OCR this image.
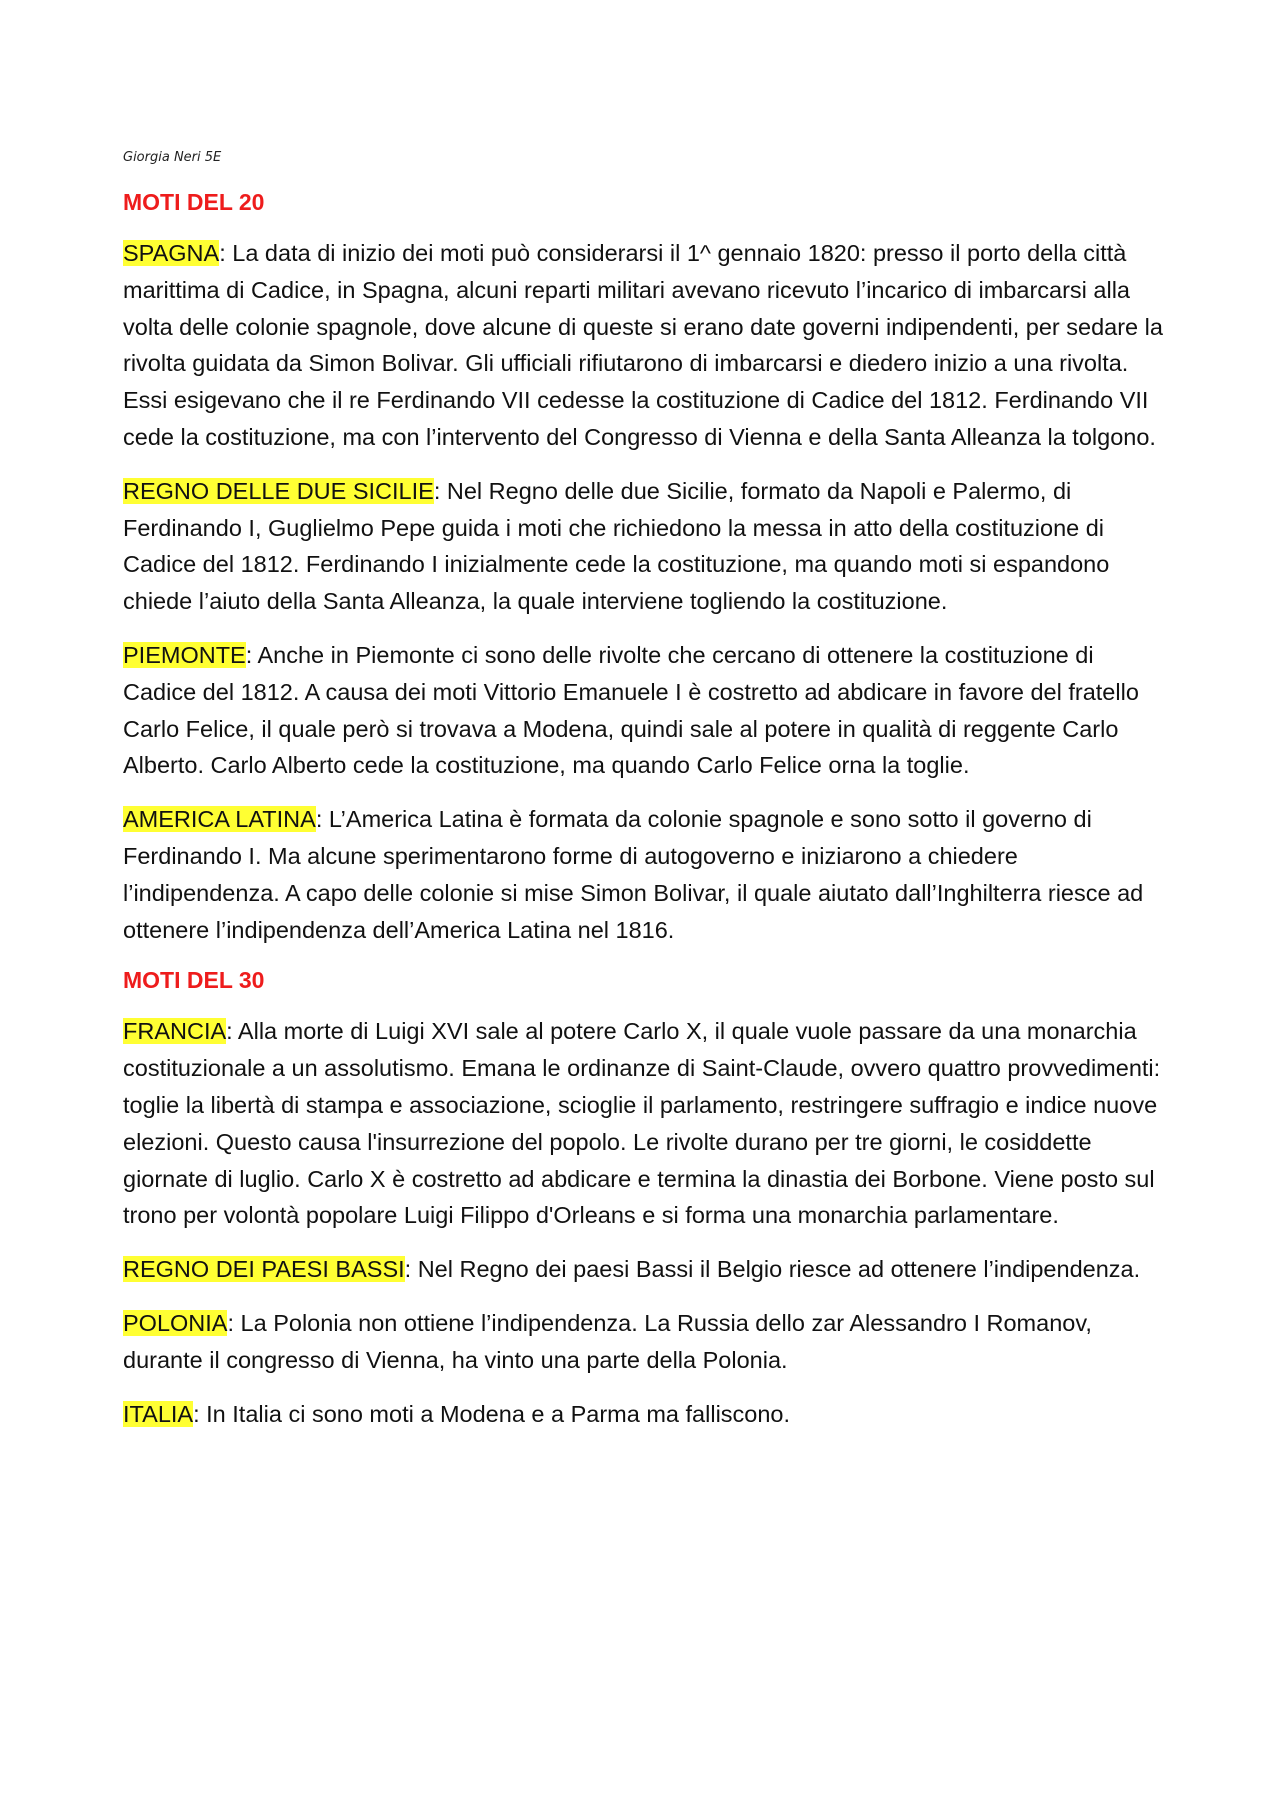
Giorgia Neri 5E

MOTI DEL 20

SPAGNA: La data di inizio dei moti può considerarsi il 1^ gennaio 1820: presso il porto della città marittima di Cadice, in Spagna, alcuni reparti militari avevano ricevuto l’incarico di imbarcarsi alla volta delle colonie spagnole, dove alcune di queste si erano date governi indipendenti, per sedare la rivolta guidata da Simon Bolivar. Gli ufficiali rifiutarono di imbarcarsi e diedero inizio a una rivolta. Essi esigevano che il re Ferdinando VII cedesse la costituzione di Cadice del 1812. Ferdinando VII cede la costituzione, ma con l’intervento del Congresso di Vienna e della Santa Alleanza la tolgono.

REGNO DELLE DUE SICILIE: Nel Regno delle due Sicilie, formato da Napoli e Palermo, di Ferdinando I, Guglielmo Pepe guida i moti che richiedono la messa in atto della costituzione di Cadice del 1812. Ferdinando I inizialmente cede la costituzione, ma quando moti si espandono chiede l’aiuto della Santa Alleanza, la quale interviene togliendo la costituzione.

PIEMONTE: Anche in Piemonte ci sono delle rivolte che cercano di ottenere la costituzione di Cadice del 1812. A causa dei moti Vittorio Emanuele I è costretto ad abdicare in favore del fratello Carlo Felice, il quale però si trovava a Modena, quindi sale al potere in qualità di reggente Carlo Alberto. Carlo Alberto cede la costituzione, ma quando Carlo Felice orna la toglie.

AMERICA LATINA: L’America Latina è formata da colonie spagnole e sono sotto il governo di Ferdinando I. Ma alcune sperimentarono forme di autogoverno e iniziarono a chiedere l’indipendenza. A capo delle colonie si mise Simon Bolivar, il quale aiutato dall’Inghilterra riesce ad ottenere l’indipendenza dell’America Latina nel 1816.

MOTI DEL 30

FRANCIA: Alla morte di Luigi XVI sale al potere Carlo X, il quale vuole passare da una monarchia costituzionale a un assolutismo. Emana le ordinanze di Saint-Claude, ovvero quattro provvedimenti: toglie la libertà di stampa e associazione, scioglie il parlamento, restringere suffragio e indice nuove elezioni. Questo causa l'insurrezione del popolo. Le rivolte durano per tre giorni, le cosiddette giornate di luglio. Carlo X è costretto ad abdicare e termina la dinastia dei Borbone. Viene posto sul trono per volontà popolare Luigi Filippo d'Orleans e si forma una monarchia parlamentare.

REGNO DEI PAESI BASSI: Nel Regno dei paesi Bassi il Belgio riesce ad ottenere l’indipendenza.

POLONIA: La Polonia non ottiene l’indipendenza. La Russia dello zar Alessandro I Romanov, durante il congresso di Vienna, ha vinto una parte della Polonia.

ITALIA: In Italia ci sono moti a Modena e a Parma ma falliscono.
